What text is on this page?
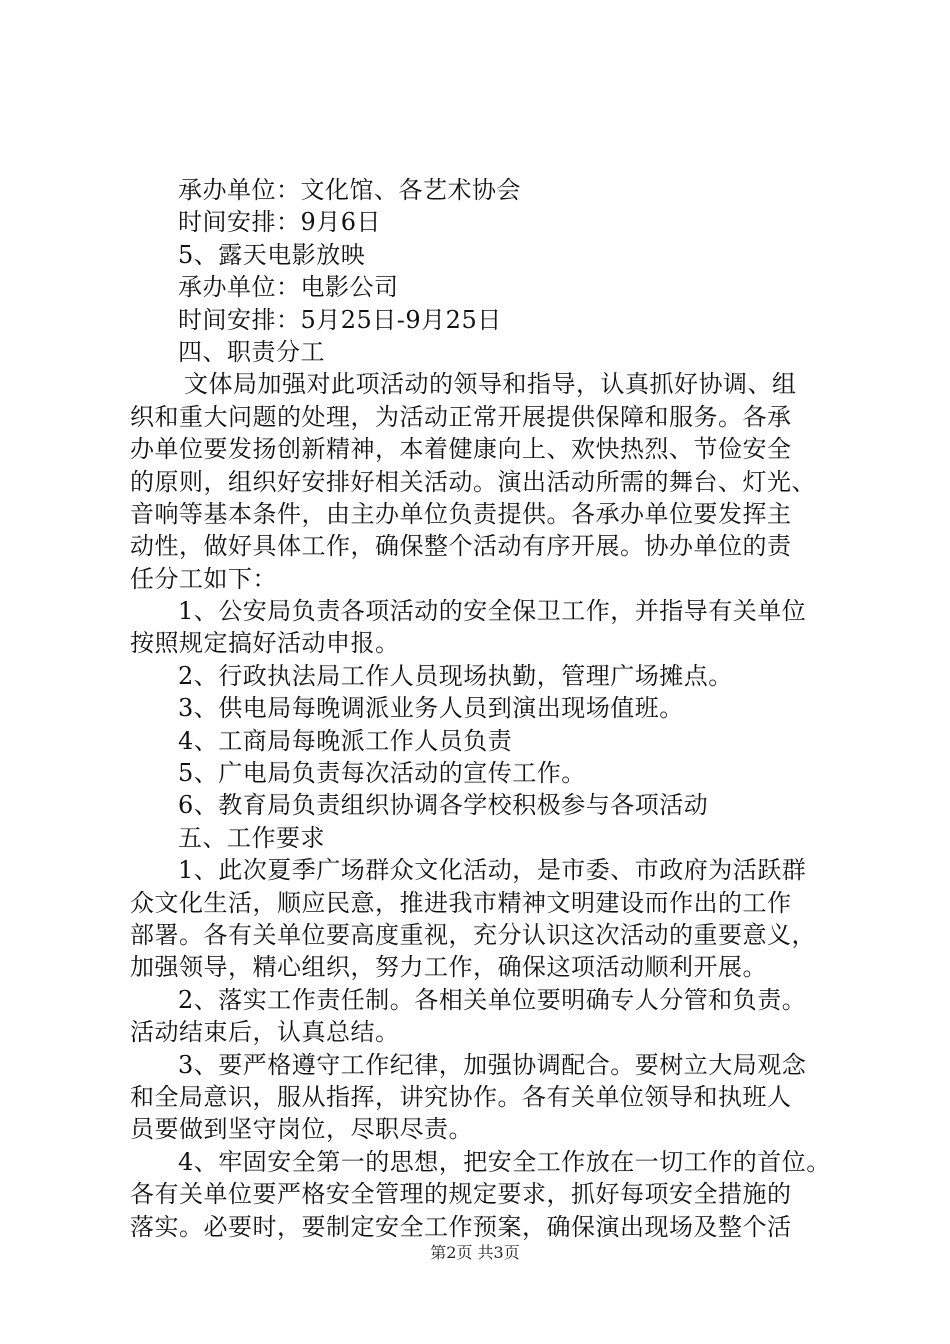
承办单位：文化馆、各艺术协会
时间安排：9月6日
5、露天电影放映
承办单位：电影公司
时间安排：5月25日-9月25日
四、职责分工
文体局加强对此项活动的领导和指导，认真抓好协调、组
织和重大问题的处理，为活动正常开展提供保障和服务。各承
办单位要发扬创新精神，本着健康向上、欢快热烈、节俭安全
的原则，组织好安排好相关活动。演出活动所需的舞台、灯光、
音响等基本条件，由主办单位负责提供。各承办单位要发挥主
动性，做好具体工作，确保整个活动有序开展。协办单位的责
任分工如下：
1、公安局负责各项活动的安全保卫工作，并指导有关单位
按照规定搞好活动申报。
2、行政执法局工作人员现场执勤，管理广场摊点。
3、供电局每晚调派业务人员到演出现场值班。
4、工商局每晚派工作人员负责
5、广电局负责每次活动的宣传工作。
6、教育局负责组织协调各学校积极参与各项活动
五、工作要求
1、此次夏季广场群众文化活动，是市委、市政府为活跃群
众文化生活，顺应民意，推进我市精神文明建设而作出的工作
部署。各有关单位要高度重视，充分认识这次活动的重要意义，
加强领导，精心组织，努力工作，确保这项活动顺利开展。
2、落实工作责任制。各相关单位要明确专人分管和负责。
活动结束后，认真总结。
3、要严格遵守工作纪律，加强协调配合。要树立大局观念
和全局意识，服从指挥，讲究协作。各有关单位领导和执班人
员要做到坚守岗位，尽职尽责。
4、牢固安全第一的思想，把安全工作放在一切工作的首位。
各有关单位要严格安全管理的规定要求，抓好每项安全措施的
落实。必要时，要制定安全工作预案，确保演出现场及整个活
第2页 共3页
